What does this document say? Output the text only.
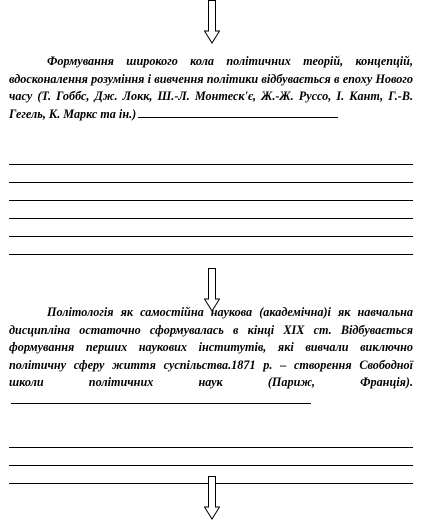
Формування широкого кола політичних теорій, концепцій, вдосконалення розуміння і вивчення політики відбувається в епоху Нового часу (Т. Гоббс, Дж. Локк, Ш.-Л. Монтеск'є, Ж.-Ж. Руссо, І. Кант, Г.-В. Гегель, К. Маркс та ін.)

Політологія як самостійна наукова (академічна)і як навчальна дисципліна остаточно сформувалась в кінці XIX ст. Відбувається формування перших наукових інститутів, які вивчали виключно політичну сферу життя суспільства.1871 р. – створення Свободної школи політичних наук (Париж, Франція).
